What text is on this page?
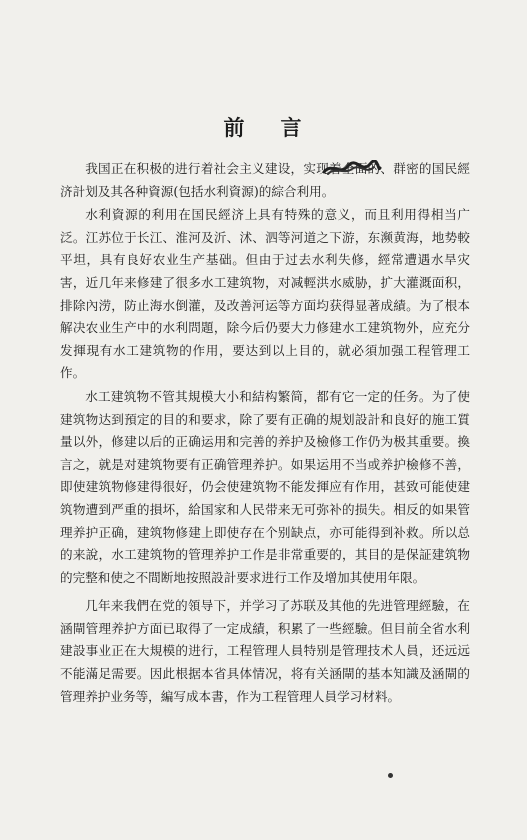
前 言

我国正在积极的进行着社会主义建设，实现着全面的、群密的国民經济計划及其各种資源(包括水利資源)的綜合利用。

水利資源的利用在国民經济上具有特殊的意义，而且利用得相当广泛。江苏位于长江、淮河及沂、沭、泗等河道之下游，东濒黄海，地势較平坦，具有良好农业生产基础。但由于过去水利失修，經常遭遇水旱灾害，近几年来修建了很多水工建筑物，对减輕洪水威胁，扩大灌溉面积，排除內涝，防止海水倒灌，及改善河运等方面均获得显著成績。为了根本解决农业生产中的水利問題，除今后仍要大力修建水工建筑物外，应充分发揮現有水工建筑物的作用，要达到以上目的，就必須加强工程管理工作。

水工建筑物不管其規模大小和結构繁简，都有它一定的任务。为了使建筑物达到預定的目的和要求，除了要有正确的規划設計和良好的施工質量以外，修建以后的正确运用和完善的养护及檢修工作仍为极其重要。換言之，就是对建筑物要有正确管理养护。如果运用不当或养护檢修不善，即使建筑物修建得很好，仍会使建筑物不能发揮应有作用，甚致可能使建筑物遭到严重的損坏，給国家和人民带来无可弥补的损失。相反的如果管理养护正确，建筑物修建上即使存在个别缺点，亦可能得到补救。所以总的来說，水工建筑物的管理养护工作是非常重要的，其目的是保証建筑物的完整和使之不間断地按照設計要求进行工作及增加其使用年限。

几年来我們在党的領导下，并学习了苏联及其他的先进管理經驗，在涵閘管理养护方面已取得了一定成績，积累了一些經驗。但目前全省水利建設事业正在大規模的进行，工程管理人員特别是管理技术人員，还远远不能滿足需要。因此根据本省具体情况，将有关涵閘的基本知識及涵閘的管理养护业务等，編写成本書，作为工程管理人員学习材料。
